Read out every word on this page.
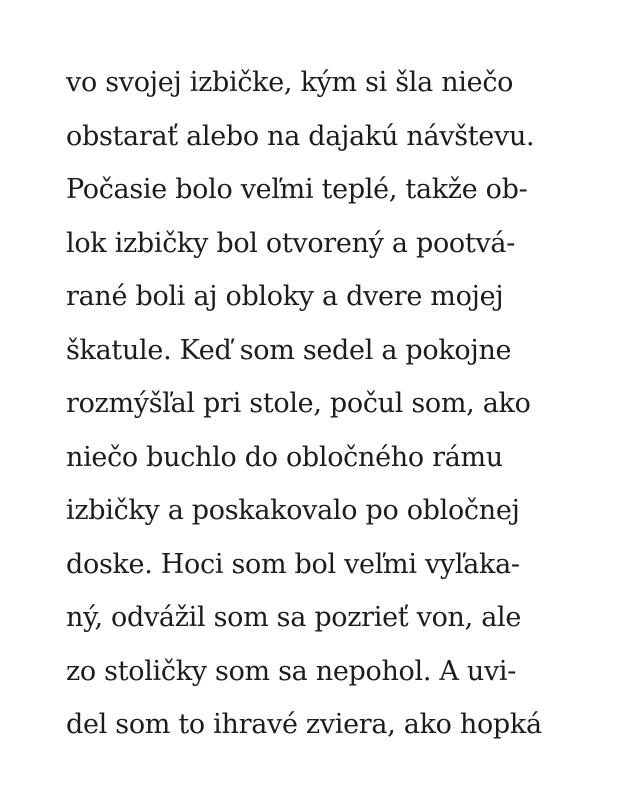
vo svojej izbičke, kým si šla niečo
obstarať alebo na dajakú návštevu.
Počasie bolo veľmi teplé, takže ob-
lok izbičky bol otvorený a pootvá-
rané boli aj obloky a dvere mojej
škatule. Keď som sedel a pokojne
rozmýšľal pri stole, počul som, ako
niečo buchlo do obločného rámu
izbičky a poskakovalo po obločnej
doske. Hoci som bol veľmi vyľaka-
ný, odvážil som sa pozrieť von, ale
zo stoličky som sa nepohol. A uvi-
del som to ihravé zviera, ako hopká
